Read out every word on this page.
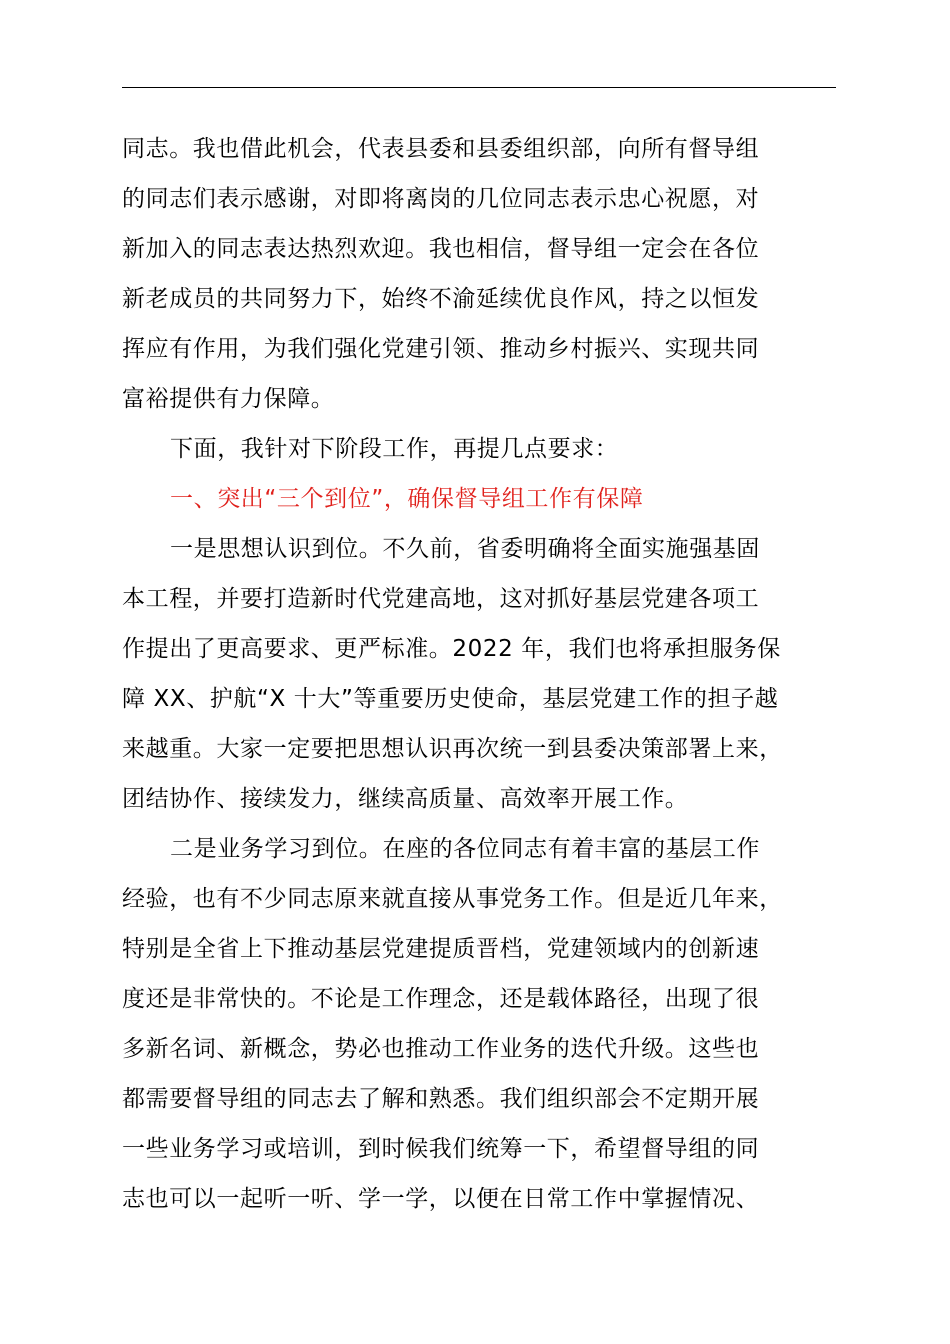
同志。我也借此机会，代表县委和县委组织部，向所有督导组
的同志们表示感谢，对即将离岗的几位同志表示忠心祝愿，对
新加入的同志表达热烈欢迎。我也相信，督导组一定会在各位
新老成员的共同努力下，始终不渝延续优良作风，持之以恒发
挥应有作用，为我们强化党建引领、推动乡村振兴、实现共同
富裕提供有力保障。
下面，我针对下阶段工作，再提几点要求：
一、突出“三个到位”，确保督导组工作有保障
一是思想认识到位。不久前，省委明确将全面实施强基固
本工程，并要打造新时代党建高地，这对抓好基层党建各项工
作提出了更高要求、更严标准。2022 年，我们也将承担服务保
障 XX、护航“X 十大”等重要历史使命，基层党建工作的担子越
来越重。大家一定要把思想认识再次统一到县委决策部署上来，
团结协作、接续发力，继续高质量、高效率开展工作。
二是业务学习到位。在座的各位同志有着丰富的基层工作
经验，也有不少同志原来就直接从事党务工作。但是近几年来，
特别是全省上下推动基层党建提质晋档，党建领域内的创新速
度还是非常快的。不论是工作理念，还是载体路径，出现了很
多新名词、新概念，势必也推动工作业务的迭代升级。这些也
都需要督导组的同志去了解和熟悉。我们组织部会不定期开展
一些业务学习或培训，到时候我们统筹一下，希望督导组的同
志也可以一起听一听、学一学，以便在日常工作中掌握情况、
